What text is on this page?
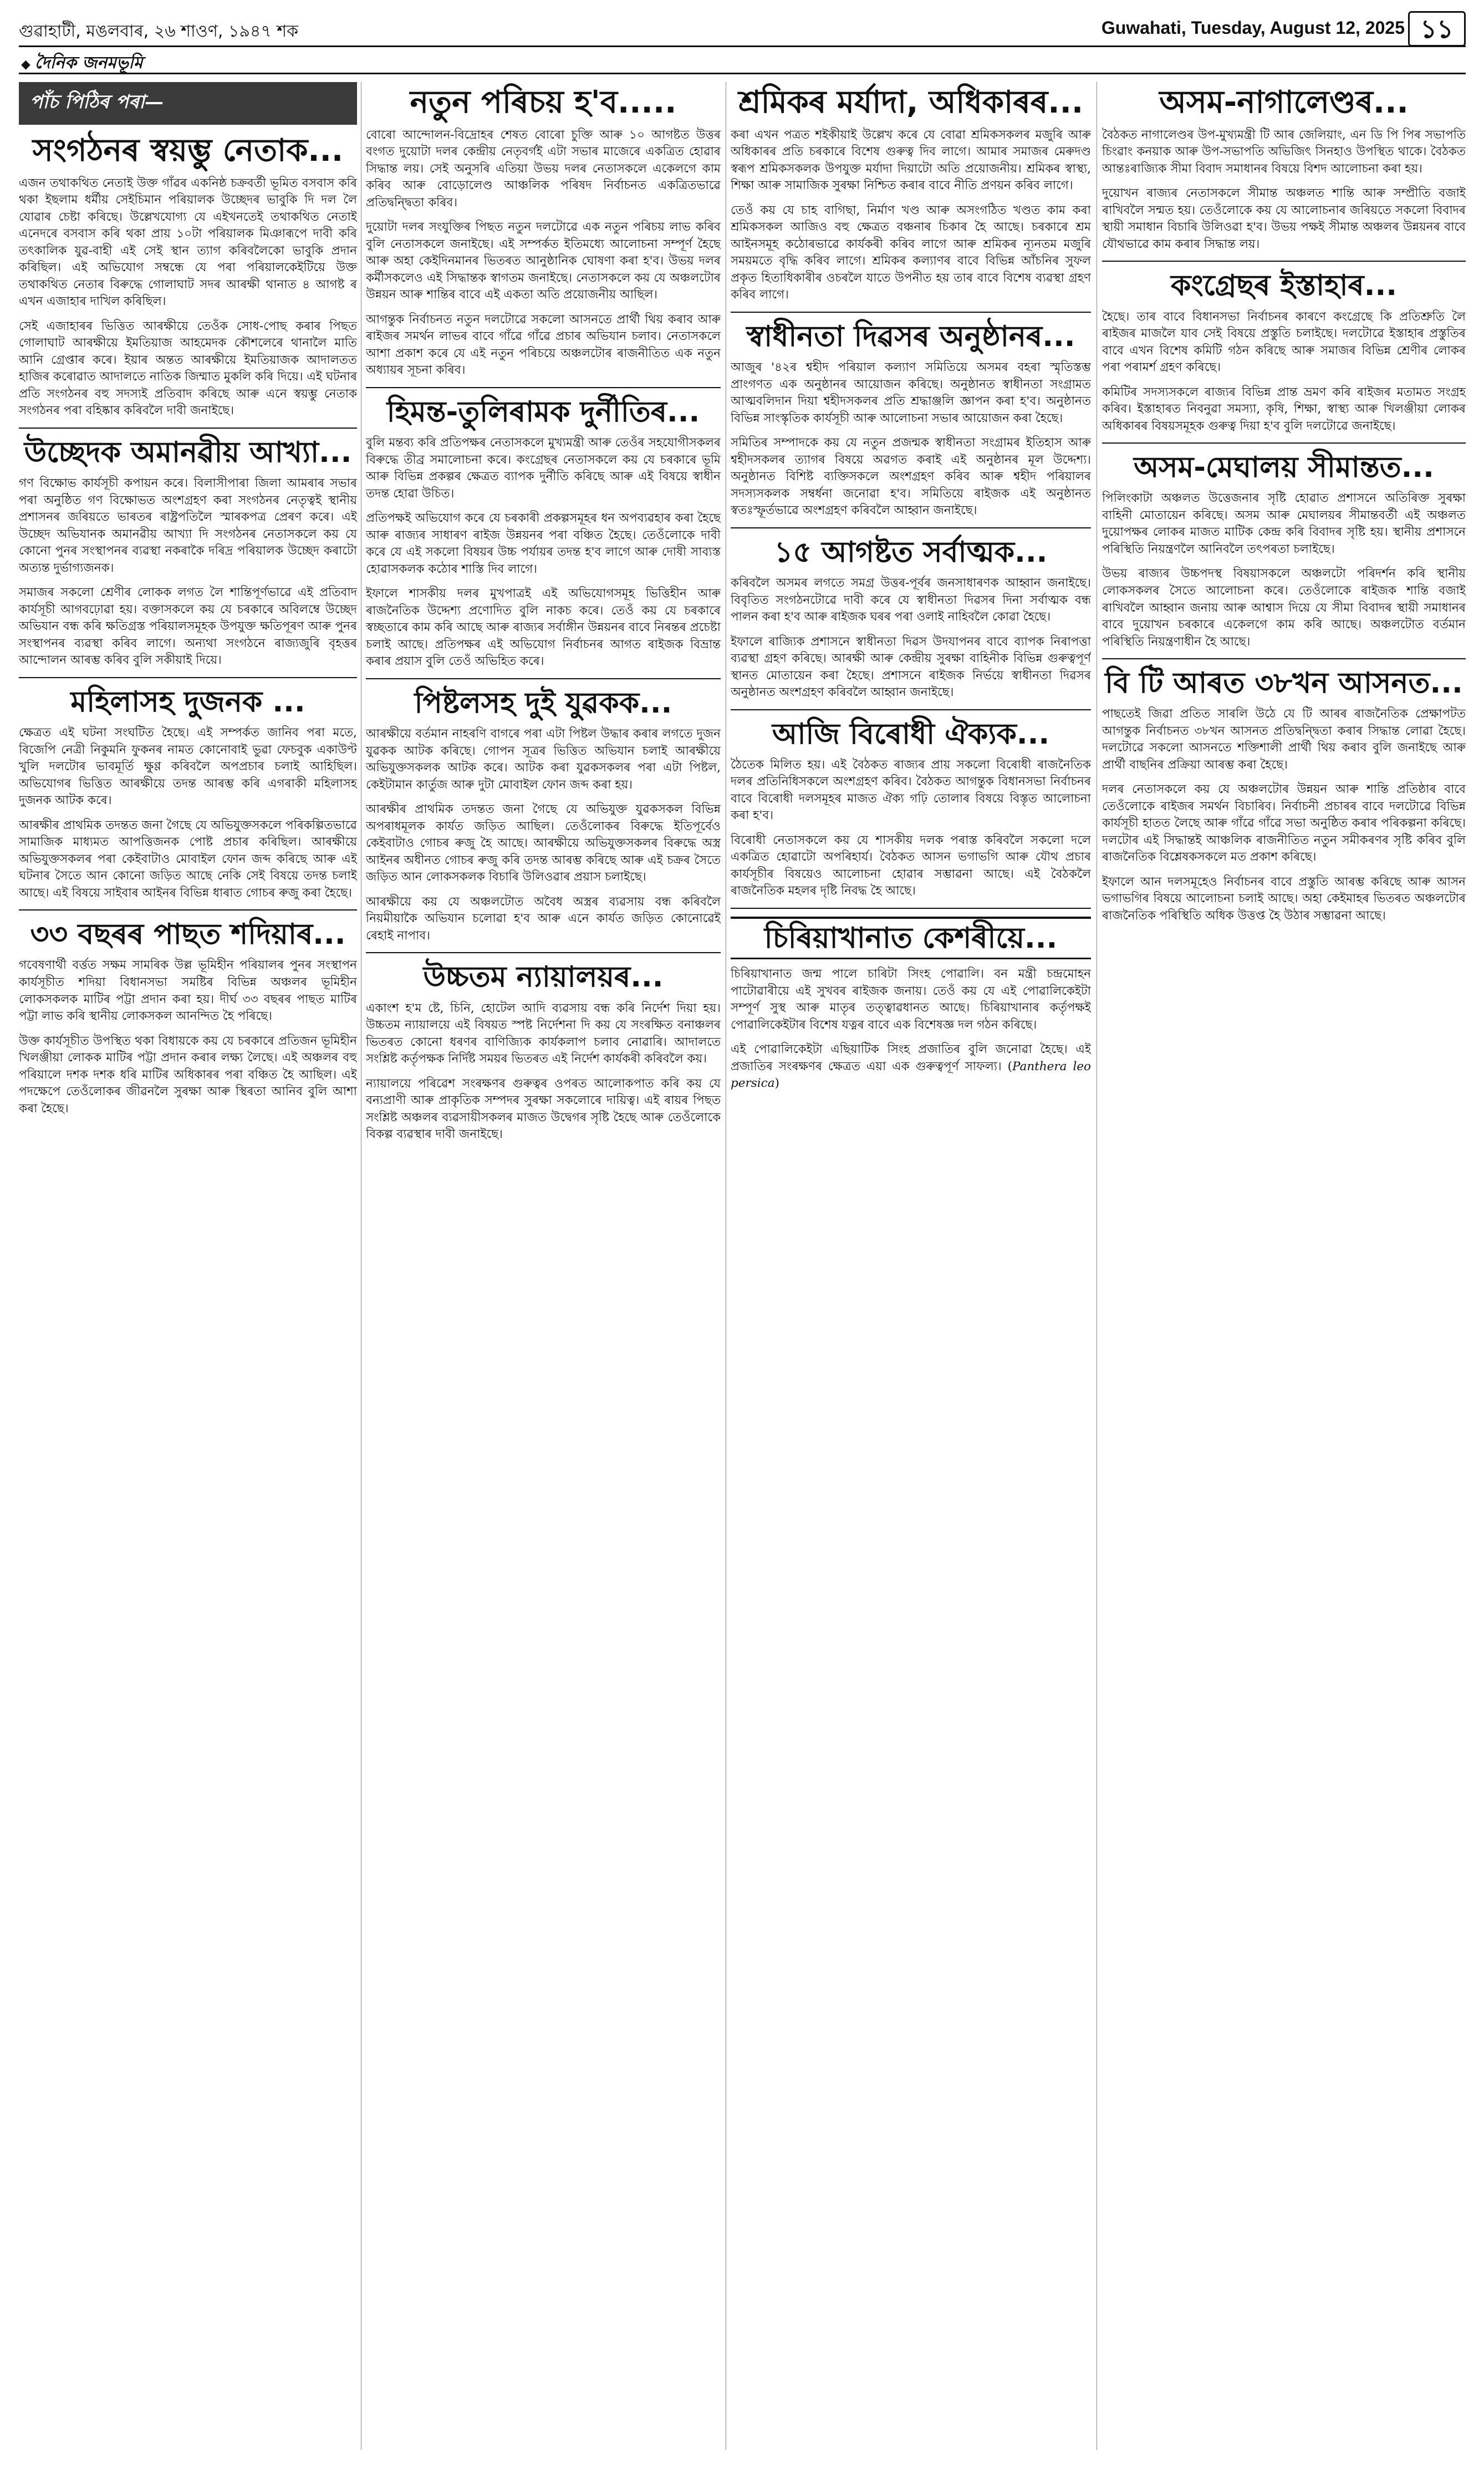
গুৱাহাটী, মঙলবাৰ, ২৬ শাওণ, ১৯৪৭ শক	Guwahati, Tuesday, August 12, 2025 ১১
◆ দৈনিক জনমভূমি
পাঁচ পিঠিৰ পৰা—
সংগঠনৰ স্বয়ম্ভু নেতাক...

এজন তথাকথিত নেতাই উক্ত গাঁৱৰ একনিষ্ঠ চক্ৰবৰ্তী ভূমিত বসবাস কৰি থকা ইছলাম ধৰ্মীয় সেইচিমান পৰিয়ালক উচ্ছেদৰ ভাবুকি দি দল লৈ যোৱাৰ চেষ্টা কৰিছে। উল্লেখযোগ্য যে এইখনতেই তথাকথিত নেতাই এনেদৰে বসবাস কৰি থকা প্ৰায় ১০টা পৰিয়ালক মিঞাৰূপে দাবী কৰি তৎকালিক যুৱ-বাহী এই সেই স্থান ত্যাগ কৰিবলৈকো ভাবুকি প্ৰদান কৰিছিল। এই অভিযোগ সম্বন্ধে যে পৰা পৰিয়ালকেইটিয়ে উক্ত তথাকথিত নেতাৰ বিৰুদ্ধে গোলাঘাট সদৰ আৰক্ষী থানাত ৪ আগষ্ট ৰ এখন এজাহাৰ দাখিল কৰিছিল।

সেই এজাহাৰৰ ভিত্তিত আৰক্ষীয়ে তেওঁক সোধ-পোছ কৰাৰ পিছত গোলাঘাট আৰক্ষীয়ে ইমতিয়াজ আহমেদক কৌশলেৰে থানালৈ মাতি আনি গ্ৰেপ্তাৰ কৰে। ইয়াৰ অন্তত আৰক্ষীয়ে ইমতিয়াজক আদালতত হাজিৰ কৰোৱাত আদালতে নাতিক জিম্মাত মুকলি কৰি দিয়ে। এই ঘটনাৰ প্ৰতি সংগঠনৰ বহু সদস্যই প্ৰতিবাদ কৰিছে আৰু এনে স্বয়ম্ভু নেতাক সংগঠনৰ পৰা বহিষ্কাৰ কৰিবলৈ দাবী জনাইছে।

উচ্ছেদক অমানৱীয় আখ্যা...

গণ বিক্ষোভ কাৰ্যসূচী কপায়ন কৰে। বিলাসীপাৰা জিলা আমৰাৰ সভাৰ পৰা অনুষ্ঠিত গণ বিক্ষোভত অংশগ্ৰহণ কৰা সংগঠনৰ নেতৃত্বই স্থানীয় প্ৰশাসনৰ জৰিয়তে ভাৰতৰ ৰাষ্ট্ৰপতিলৈ স্মাৰকপত্ৰ প্ৰেৰণ কৰে। এই উচ্ছেদ অভিযানক অমানৱীয় আখ্যা দি সংগঠনৰ নেতাসকলে কয় যে কোনো পুনৰ সংস্থাপনৰ ব্যৱস্থা নকৰাকৈ দৰিদ্ৰ পৰিয়ালক উচ্ছেদ কৰাটো অত্যন্ত দুৰ্ভাগ্যজনক।

সমাজৰ সকলো শ্ৰেণীৰ লোকক লগত লৈ শান্তিপূৰ্ণভাৱে এই প্ৰতিবাদ কাৰ্যসূচী আগবঢ়োৱা হয়। বক্তাসকলে কয় যে চৰকাৰে অবিলম্বে উচ্ছেদ অভিযান বন্ধ কৰি ক্ষতিগ্ৰস্ত পৰিয়ালসমূহক উপযুক্ত ক্ষতিপূৰণ আৰু পুনৰ সংস্থাপনৰ ব্যৱস্থা কৰিব লাগে। অন্যথা সংগঠনে ৰাজ্যজুৰি বৃহত্তৰ আন্দোলন আৰম্ভ কৰিব বুলি সকীয়াই দিয়ে।

মহিলাসহ দুজনক ...

ক্ষেত্ৰত এই ঘটনা সংঘটিত হৈছে। এই সম্পৰ্কত জানিব পৰা মতে, বিজেপি নেত্ৰী নিকুমনি ফুকনৰ নামত কোনোবাই ভুৱা ফেচবুক একাউণ্ট খুলি দলটোৰ ভাবমূৰ্তি ক্ষুণ্ণ কৰিবলৈ অপপ্ৰচাৰ চলাই আহিছিল। অভিযোগৰ ভিত্তিত আৰক্ষীয়ে তদন্ত আৰম্ভ কৰি এগৰাকী মহিলাসহ দুজনক আটক কৰে।

আৰক্ষীৰ প্ৰাথমিক তদন্তত জনা গৈছে যে অভিযুক্তসকলে পৰিকল্পিতভাৱে সামাজিক মাধ্যমত আপত্তিজনক পোষ্ট প্ৰচাৰ কৰিছিল। আৰক্ষীয়ে অভিযুক্তসকলৰ পৰা কেইবাটাও মোবাইল ফোন জব্দ কৰিছে আৰু এই ঘটনাৰ সৈতে আন কোনো জড়িত আছে নেকি সেই বিষয়ে তদন্ত চলাই আছে। এই বিষয়ে সাইবাৰ আইনৰ বিভিন্ন ধাৰাত গোচৰ ৰুজু কৰা হৈছে।

৩৩ বছৰৰ পাছত শদিয়াৰ...

গবেষণাৰ্থী বৰ্ত্তত সক্ষম সামৰিক উল্ল ভূমিহীন পৰিয়ালৰ পুনৰ সংস্থাপন কাৰ্যসূচীত শদিয়া বিধানসভা সমষ্টিৰ বিভিন্ন অঞ্চলৰ ভূমিহীন লোকসকলক মাটিৰ পট্টা প্ৰদান কৰা হয়। দীৰ্ঘ ৩৩ বছৰৰ পাছত মাটিৰ পট্টা লাভ কৰি স্থানীয় লোকসকল আনন্দিত হৈ পৰিছে।

উক্ত কাৰ্যসূচীত উপস্থিত থকা বিধায়কে কয় যে চৰকাৰে প্ৰতিজন ভূমিহীন খিলঞ্জীয়া লোকক মাটিৰ পট্টা প্ৰদান কৰাৰ লক্ষ্য লৈছে। এই অঞ্চলৰ বহু পৰিয়ালে দশক দশক ধৰি মাটিৰ অধিকাৰৰ পৰা বঞ্চিত হৈ আছিল। এই পদক্ষেপে তেওঁলোকৰ জীৱনলৈ সুৰক্ষা আৰু স্থিৰতা আনিব বুলি আশা কৰা হৈছে।

নতুন পৰিচয় হ'ব.....

বোৰো আন্দোলন-বিদ্ৰোহৰ শেষত বোৰো চুক্তি আৰু ১০ আগষ্টত উত্তৰ বংগত দুয়োটা দলৰ কেন্দ্ৰীয় নেতৃবৰ্গই এটা সভাৰ মাজেৰে একত্ৰিত হোৱাৰ সিদ্ধান্ত লয়। সেই অনুসৰি এতিয়া উভয় দলৰ নেতাসকলে একেলগে কাম কৰিব আৰু বোড়োলেণ্ড আঞ্চলিক পৰিষদ নিৰ্বাচনত একত্ৰিতভাৱে প্ৰতিদ্বন্দ্বিতা কৰিব।

দুয়োটা দলৰ সংযুক্তিৰ পিছত নতুন দলটোৱে এক নতুন পৰিচয় লাভ কৰিব বুলি নেতাসকলে জনাইছে। এই সম্পৰ্কত ইতিমধ্যে আলোচনা সম্পূৰ্ণ হৈছে আৰু অহা কেইদিনমানৰ ভিতৰত আনুষ্ঠানিক ঘোষণা কৰা হ'ব। উভয় দলৰ কৰ্মীসকলেও এই সিদ্ধান্তক স্বাগতম জনাইছে। নেতাসকলে কয় যে অঞ্চলটোৰ উন্নয়ন আৰু শান্তিৰ বাবে এই একতা অতি প্ৰয়োজনীয় আছিল।

আগন্তুক নিৰ্বাচনত নতুন দলটোৱে সকলো আসনতে প্ৰাৰ্থী থিয় কৰাব আৰু ৰাইজৰ সমৰ্থন লাভৰ বাবে গাঁৱে গাঁৱে প্ৰচাৰ অভিযান চলাব। নেতাসকলে আশা প্ৰকাশ কৰে যে এই নতুন পৰিচয়ে অঞ্চলটোৰ ৰাজনীতিত এক নতুন অধ্যায়ৰ সূচনা কৰিব।

হিমন্ত-তুলিৰামক দুৰ্নীতিৰ...

বুলি মন্তব্য কৰি প্ৰতিপক্ষৰ নেতাসকলে মুখ্যমন্ত্ৰী আৰু তেওঁৰ সহযোগীসকলৰ বিৰুদ্ধে তীব্ৰ সমালোচনা কৰে। কংগ্ৰেছৰ নেতাসকলে কয় যে চৰকাৰে ভূমি আৰু বিভিন্ন প্ৰকল্পৰ ক্ষেত্ৰত ব্যাপক দুৰ্নীতি কৰিছে আৰু এই বিষয়ে স্বাধীন তদন্ত হোৱা উচিত।

প্ৰতিপক্ষই অভিযোগ কৰে যে চৰকাৰী প্ৰকল্পসমূহৰ ধন অপব্যৱহাৰ কৰা হৈছে আৰু ৰাজ্যৰ সাধাৰণ ৰাইজ উন্নয়নৰ পৰা বঞ্চিত হৈছে। তেওঁলোকে দাবী কৰে যে এই সকলো বিষয়ৰ উচ্চ পৰ্যায়ৰ তদন্ত হ'ব লাগে আৰু দোষী সাব্যস্ত হোৱাসকলক কঠোৰ শাস্তি দিব লাগে।

ইফালে শাসকীয় দলৰ মুখপাত্ৰই এই অভিযোগসমূহ ভিত্তিহীন আৰু ৰাজনৈতিক উদ্দেশ্য প্ৰণোদিত বুলি নাকচ কৰে। তেওঁ কয় যে চৰকাৰে স্বচ্ছতাৰে কাম কৰি আছে আৰু ৰাজ্যৰ সৰ্বাঙ্গীন উন্নয়নৰ বাবে নিৰন্তৰ প্ৰচেষ্টা চলাই আছে। প্ৰতিপক্ষৰ এই অভিযোগ নিৰ্বাচনৰ আগত ৰাইজক বিভ্ৰান্ত কৰাৰ প্ৰয়াস বুলি তেওঁ অভিহিত কৰে।

পিষ্টলসহ দুই যুৱকক...

আৰক্ষীয়ে বৰ্তমান নাহৰণি বাগৰে পৰা এটা পিষ্টল উদ্ধাৰ কৰাৰ লগতে দুজন যুৱকক আটক কৰিছে। গোপন সূত্ৰৰ ভিত্তিত অভিযান চলাই আৰক্ষীয়ে অভিযুক্তসকলক আটক কৰে। আটক কৰা যুৱকসকলৰ পৰা এটা পিষ্টল, কেইটামান কাৰ্তুজ আৰু দুটা মোবাইল ফোন জব্দ কৰা হয়।

আৰক্ষীৰ প্ৰাথমিক তদন্তত জনা গৈছে যে অভিযুক্ত যুৱকসকল বিভিন্ন অপৰাধমূলক কাৰ্যত জড়িত আছিল। তেওঁলোকৰ বিৰুদ্ধে ইতিপূৰ্বেও কেইবাটাও গোচৰ ৰুজু হৈ আছে। আৰক্ষীয়ে অভিযুক্তসকলৰ বিৰুদ্ধে অস্ত্ৰ আইনৰ অধীনত গোচৰ ৰুজু কৰি তদন্ত আৰম্ভ কৰিছে আৰু এই চক্ৰৰ সৈতে জড়িত আন লোকসকলক বিচাৰি উলিওৱাৰ প্ৰয়াস চলাইছে।

আৰক্ষীয়ে কয় যে অঞ্চলটোত অবৈধ অস্ত্ৰৰ ব্যৱসায় বন্ধ কৰিবলৈ নিয়মীয়াকৈ অভিযান চলোৱা হ'ব আৰু এনে কাৰ্যত জড়িত কোনোৱেই ৰেহাই নাপাব।

উচ্চতম ন্যায়ালয়ৰ...

একাংশ হ'ম ষ্টে, চিনি, হোটেল আদি ব্যৱসায় বন্ধ কৰি নিৰ্দেশ দিয়া হয়। উচ্চতম ন্যায়ালয়ে এই বিষয়ত স্পষ্ট নিৰ্দেশনা দি কয় যে সংৰক্ষিত বনাঞ্চলৰ ভিতৰত কোনো ধৰণৰ বাণিজ্যিক কাৰ্যকলাপ চলাব নোৱাৰি। আদালতে সংশ্লিষ্ট কৰ্তৃপক্ষক নিৰ্দিষ্ট সময়ৰ ভিতৰত এই নিৰ্দেশ কাৰ্যকৰী কৰিবলৈ কয়।

ন্যায়ালয়ে পৰিৱেশ সংৰক্ষণৰ গুৰুত্বৰ ওপৰত আলোকপাত কৰি কয় যে বন্যপ্ৰাণী আৰু প্ৰাকৃতিক সম্পদৰ সুৰক্ষা সকলোৰে দায়িত্ব। এই ৰায়ৰ পিছত সংশ্লিষ্ট অঞ্চলৰ ব্যৱসায়ীসকলৰ মাজত উদ্বেগৰ সৃষ্টি হৈছে আৰু তেওঁলোকে বিকল্প ব্যৱস্থাৰ দাবী জনাইছে।

শ্ৰমিকৰ মৰ্যাদা, অধিকাৰৰ...

কৰা এখন পত্ৰত শইকীয়াই উল্লেখ কৰে যে বোৱা শ্ৰমিকসকলৰ মজুৰি আৰু অধিকাৰৰ প্ৰতি চৰকাৰে বিশেষ গুৰুত্ব দিব লাগে। আমাৰ সমাজৰ মেৰুদণ্ড স্বৰূপ শ্ৰমিকসকলক উপযুক্ত মৰ্যাদা দিয়াটো অতি প্ৰয়োজনীয়। শ্ৰমিকৰ স্বাস্থ্য, শিক্ষা আৰু সামাজিক সুৰক্ষা নিশ্চিত কৰাৰ বাবে নীতি প্ৰণয়ন কৰিব লাগে।

তেওঁ কয় যে চাহ বাগিছা, নিৰ্মাণ খণ্ড আৰু অসংগঠিত খণ্ডত কাম কৰা শ্ৰমিকসকল আজিও বহু ক্ষেত্ৰত বঞ্চনাৰ চিকাৰ হৈ আছে। চৰকাৰে শ্ৰম আইনসমূহ কঠোৰভাৱে কাৰ্যকৰী কৰিব লাগে আৰু শ্ৰমিকৰ ন্যূনতম মজুৰি সময়মতে বৃদ্ধি কৰিব লাগে। শ্ৰমিকৰ কল্যাণৰ বাবে বিভিন্ন আঁচনিৰ সুফল প্ৰকৃত হিতাধিকাৰীৰ ওচৰলৈ যাতে উপনীত হয় তাৰ বাবে বিশেষ ব্যৱস্থা গ্ৰহণ কৰিব লাগে।

স্বাধীনতা দিৱসৰ অনুষ্ঠানৰ...

আজুৰ '৪২ৰ শ্বহীদ পৰিয়াল কল্যাণ সমিতিয়ে অসমৰ বহৰা স্মৃতিস্তম্ভ প্ৰাংগণত এক অনুষ্ঠানৰ আয়োজন কৰিছে। অনুষ্ঠানত স্বাধীনতা সংগ্ৰামত আত্মবলিদান দিয়া শ্বহীদসকলৰ প্ৰতি শ্ৰদ্ধাঞ্জলি জ্ঞাপন কৰা হ'ব। অনুষ্ঠানত বিভিন্ন সাংস্কৃতিক কাৰ্যসূচী আৰু আলোচনা সভাৰ আয়োজন কৰা হৈছে।

সমিতিৰ সম্পাদকে কয় যে নতুন প্ৰজন্মক স্বাধীনতা সংগ্ৰামৰ ইতিহাস আৰু শ্বহীদসকলৰ ত্যাগৰ বিষয়ে অৱগত কৰাই এই অনুষ্ঠানৰ মূল উদ্দেশ্য। অনুষ্ঠানত বিশিষ্ট ব্যক্তিসকলে অংশগ্ৰহণ কৰিব আৰু শ্বহীদ পৰিয়ালৰ সদস্যসকলক সম্বৰ্ধনা জনোৱা হ'ব। সমিতিয়ে ৰাইজক এই অনুষ্ঠানত স্বতঃস্ফূৰ্তভাৱে অংশগ্ৰহণ কৰিবলৈ আহ্বান জনাইছে।

১৫ আগষ্টত সৰ্বাত্মক...

কৰিবলৈ অসমৰ লগতে সমগ্ৰ উত্তৰ-পূৰ্বৰ জনসাধাৰণক আহ্বান জনাইছে। বিবৃতিত সংগঠনটোৱে দাবী কৰে যে স্বাধীনতা দিৱসৰ দিনা সৰ্বাত্মক বন্ধ পালন কৰা হ'ব আৰু ৰাইজক ঘৰৰ পৰা ওলাই নাহিবলৈ কোৱা হৈছে।

ইফালে ৰাজ্যিক প্ৰশাসনে স্বাধীনতা দিৱস উদযাপনৰ বাবে ব্যাপক নিৰাপত্তা ব্যৱস্থা গ্ৰহণ কৰিছে। আৰক্ষী আৰু কেন্দ্ৰীয় সুৰক্ষা বাহিনীক বিভিন্ন গুৰুত্বপূৰ্ণ স্থানত মোতায়েন কৰা হৈছে। প্ৰশাসনে ৰাইজক নিৰ্ভয়ে স্বাধীনতা দিৱসৰ অনুষ্ঠানত অংশগ্ৰহণ কৰিবলৈ আহ্বান জনাইছে।

আজি বিৰোধী ঐক্যক...

ঠৈতেক মিলিত হয়। এই বৈঠকত ৰাজ্যৰ প্ৰায় সকলো বিৰোধী ৰাজনৈতিক দলৰ প্ৰতিনিধিসকলে অংশগ্ৰহণ কৰিব। বৈঠকত আগন্তুক বিধানসভা নিৰ্বাচনৰ বাবে বিৰোধী দলসমূহৰ মাজত ঐক্য গঢ়ি তোলাৰ বিষয়ে বিস্তৃত আলোচনা কৰা হ'ব।

বিৰোধী নেতাসকলে কয় যে শাসকীয় দলক পৰাস্ত কৰিবলৈ সকলো দলে একত্ৰিত হোৱাটো অপৰিহাৰ্য। বৈঠকত আসন ভগাভগি আৰু যৌথ প্ৰচাৰ কাৰ্যসূচীৰ বিষয়েও আলোচনা হোৱাৰ সম্ভাৱনা আছে। এই বৈঠকলৈ ৰাজনৈতিক মহলৰ দৃষ্টি নিবদ্ধ হৈ আছে।

চিৰিয়াখানাত কেশৰীয়ে...

চিৰিয়াখানাত জন্ম পালে চাৰিটা সিংহ পোৱালি। বন মন্ত্ৰী চন্দ্ৰমোহন পাটোৱাৰীয়ে এই সুখবৰ ৰাইজক জনায়। তেওঁ কয় যে এই পোৱালিকেইটা সম্পূৰ্ণ সুস্থ আৰু মাতৃৰ তত্ত্বাৱধানত আছে। চিৰিয়াখানাৰ কৰ্তৃপক্ষই পোৱালিকেইটাৰ বিশেষ যত্নৰ বাবে এক বিশেষজ্ঞ দল গঠন কৰিছে।

এই পোৱালিকেইটা এছিয়াটিক সিংহ প্ৰজাতিৰ বুলি জনোৱা হৈছে। এই প্ৰজাতিৰ সংৰক্ষণৰ ক্ষেত্ৰত এয়া এক গুৰুত্বপূৰ্ণ সাফল্য। (Panthera leo persica)

অসম-নাগালেণ্ডৰ...

বৈঠকত নাগালেণ্ডৰ উপ-মুখ্যমন্ত্ৰী টি আৰ জেলিয়াং, এন ডি পি পিৰ সভাপতি চিংৱাং কনয়াক আৰু উপ-সভাপতি অভিজিৎ সিনহাও উপস্থিত থাকে। বৈঠকত আন্তঃৰাজ্যিক সীমা বিবাদ সমাধানৰ বিষয়ে বিশদ আলোচনা কৰা হয়।

দুয়োখন ৰাজ্যৰ নেতাসকলে সীমান্ত অঞ্চলত শান্তি আৰু সম্প্ৰীতি বজাই ৰাখিবলৈ সন্মত হয়। তেওঁলোকে কয় যে আলোচনাৰ জৰিয়তে সকলো বিবাদৰ স্থায়ী সমাধান বিচাৰি উলিওৱা হ'ব। উভয় পক্ষই সীমান্ত অঞ্চলৰ উন্নয়নৰ বাবে যৌথভাৱে কাম কৰাৰ সিদ্ধান্ত লয়।

কংগ্ৰেছৰ ইস্তাহাৰ...

হৈছে। তাৰ বাবে বিধানসভা নিৰ্বাচনৰ কাৰণে কংগ্ৰেছে কি প্ৰতিশ্ৰুতি লৈ ৰাইজৰ মাজলৈ যাব সেই বিষয়ে প্ৰস্তুতি চলাইছে। দলটোৱে ইস্তাহাৰ প্ৰস্তুতিৰ বাবে এখন বিশেষ কমিটি গঠন কৰিছে আৰু সমাজৰ বিভিন্ন শ্ৰেণীৰ লোকৰ পৰা পৰামৰ্শ গ্ৰহণ কৰিছে।

কমিটিৰ সদস্যসকলে ৰাজ্যৰ বিভিন্ন প্ৰান্ত ভ্ৰমণ কৰি ৰাইজৰ মতামত সংগ্ৰহ কৰিব। ইস্তাহাৰত নিবনুৱা সমস্যা, কৃষি, শিক্ষা, স্বাস্থ্য আৰু খিলঞ্জীয়া লোকৰ অধিকাৰৰ বিষয়সমূহক গুৰুত্ব দিয়া হ'ব বুলি দলটোৱে জনাইছে।

অসম-মেঘালয় সীমান্তত...

পিলিংকাটা অঞ্চলত উত্তেজনাৰ সৃষ্টি হোৱাত প্ৰশাসনে অতিৰিক্ত সুৰক্ষা বাহিনী মোতায়েন কৰিছে। অসম আৰু মেঘালয়ৰ সীমান্তবৰ্তী এই অঞ্চলত দুয়োপক্ষৰ লোকৰ মাজত মাটিক কেন্দ্ৰ কৰি বিবাদৰ সৃষ্টি হয়। স্থানীয় প্ৰশাসনে পৰিস্থিতি নিয়ন্ত্ৰণলৈ আনিবলৈ তৎপৰতা চলাইছে।

উভয় ৰাজ্যৰ উচ্চপদস্থ বিষয়াসকলে অঞ্চলটো পৰিদৰ্শন কৰি স্থানীয় লোকসকলৰ সৈতে আলোচনা কৰে। তেওঁলোকে ৰাইজক শান্তি বজাই ৰাখিবলৈ আহ্বান জনায় আৰু আশ্বাস দিয়ে যে সীমা বিবাদৰ স্থায়ী সমাধানৰ বাবে দুয়োখন চৰকাৰে একেলগে কাম কৰি আছে। অঞ্চলটোত বৰ্তমান পৰিস্থিতি নিয়ন্ত্ৰণাধীন হৈ আছে।

বি টি আৰত ৩৮খন আসনত...

পাছতেই জিৱা প্ৰতিত সাৰলি উঠে যে টি আৰৰ ৰাজনৈতিক প্ৰেক্ষাপটত আগন্তুক নিৰ্বাচনত ৩৮খন আসনত প্ৰতিদ্বন্দ্বিতা কৰাৰ সিদ্ধান্ত লোৱা হৈছে। দলটোৱে সকলো আসনতে শক্তিশালী প্ৰাৰ্থী থিয় কৰাব বুলি জনাইছে আৰু প্ৰাৰ্থী বাছনিৰ প্ৰক্ৰিয়া আৰম্ভ কৰা হৈছে।

দলৰ নেতাসকলে কয় যে অঞ্চলটোৰ উন্নয়ন আৰু শান্তি প্ৰতিষ্ঠাৰ বাবে তেওঁলোকে ৰাইজৰ সমৰ্থন বিচাৰিব। নিৰ্বাচনী প্ৰচাৰৰ বাবে দলটোৱে বিভিন্ন কাৰ্যসূচী হাতত লৈছে আৰু গাঁৱে গাঁৱে সভা অনুষ্ঠিত কৰাৰ পৰিকল্পনা কৰিছে। দলটোৰ এই সিদ্ধান্তই আঞ্চলিক ৰাজনীতিত নতুন সমীকৰণৰ সৃষ্টি কৰিব বুলি ৰাজনৈতিক বিশ্লেষকসকলে মত প্ৰকাশ কৰিছে।

ইফালে আন দলসমূহেও নিৰ্বাচনৰ বাবে প্ৰস্তুতি আৰম্ভ কৰিছে আৰু আসন ভগাভগিৰ বিষয়ে আলোচনা চলাই আছে। অহা কেইমাহৰ ভিতৰত অঞ্চলটোৰ ৰাজনৈতিক পৰিস্থিতি অধিক উত্তপ্ত হৈ উঠাৰ সম্ভাৱনা আছে।
